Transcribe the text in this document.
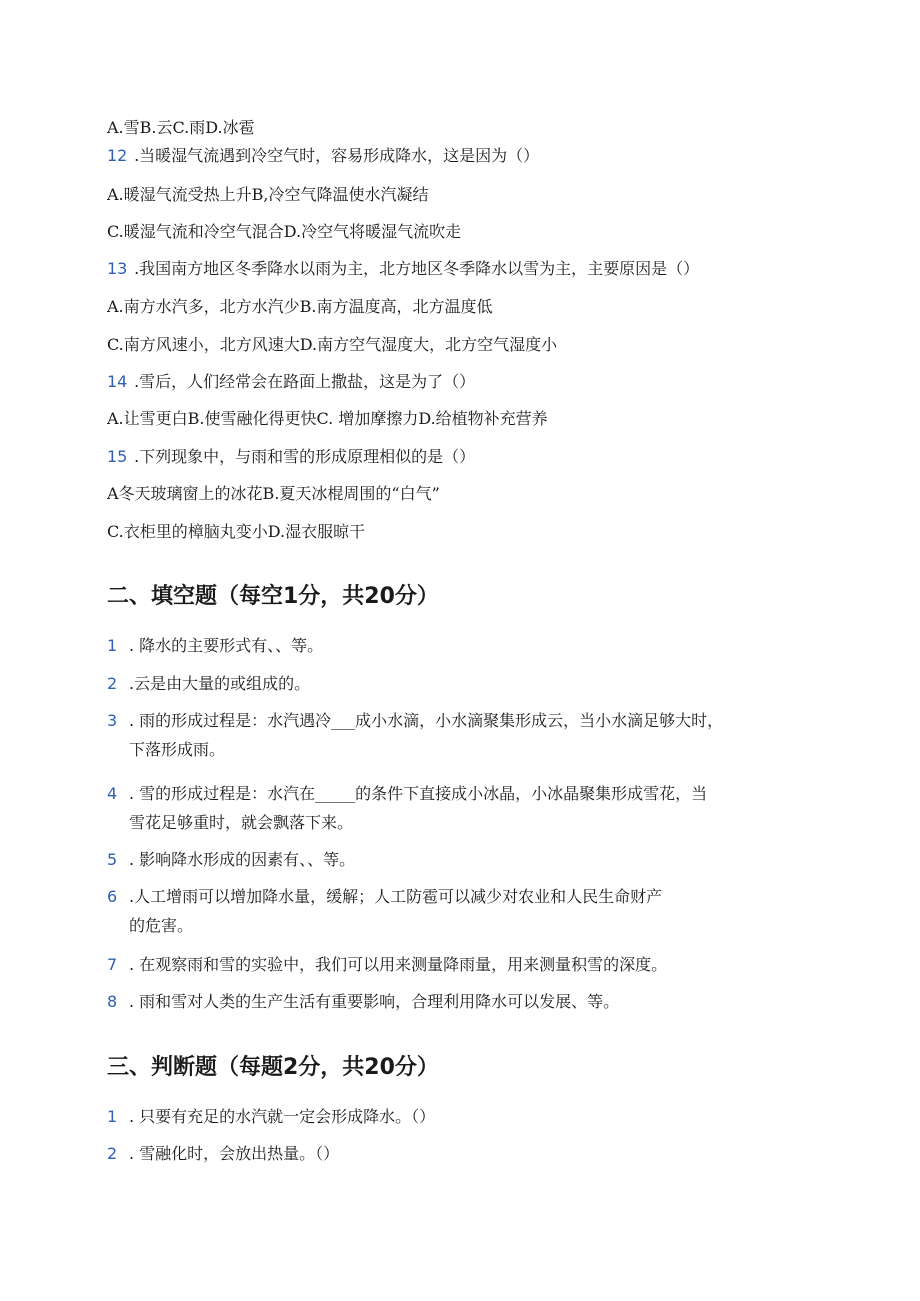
A.雪B.云C.雨D.冰雹
12 .当暖湿气流遇到冷空气时，容易形成降水，这是因为（）
A.暖湿气流受热上升B,冷空气降温使水汽凝结
C.暖湿气流和冷空气混合D.冷空气将暖湿气流吹走
13 .我国南方地区冬季降水以雨为主，北方地区冬季降水以雪为主，主要原因是（）
A.南方水汽多，北方水汽少B.南方温度高，北方温度低
C.南方风速小，北方风速大D.南方空气湿度大，北方空气湿度小
14 .雪后，人们经常会在路面上撒盐，这是为了（）
A.让雪更白B.使雪融化得更快C. 增加摩擦力D.给植物补充营养
15 .下列现象中，与雨和雪的形成原理相似的是（）
A冬天玻璃窗上的冰花B.夏天冰棍周围的“白气”
C.衣柜里的樟脑丸变小D.湿衣服晾干
二、填空题（每空1分，共20分）
1 . 降水的主要形式有、、等。
2 .云是由大量的或组成的。
3 . 雨的形成过程是：水汽遇冷___成小水滴，小水滴聚集形成云，当小水滴足够大时，
下落形成雨。
4 . 雪的形成过程是：水汽在_____的条件下直接成小冰晶，小冰晶聚集形成雪花，当
雪花足够重时，就会飘落下来。
5 . 影响降水形成的因素有、、等。
6 .人工增雨可以增加降水量，缓解；人工防雹可以减少对农业和人民生命财产
的危害。
7 . 在观察雨和雪的实验中，我们可以用来测量降雨量，用来测量积雪的深度。
8 . 雨和雪对人类的生产生活有重要影响，合理利用降水可以发展、等。
三、判断题（每题2分，共20分）
1 . 只要有充足的水汽就一定会形成降水。（）
2 . 雪融化时，会放出热量。（）
